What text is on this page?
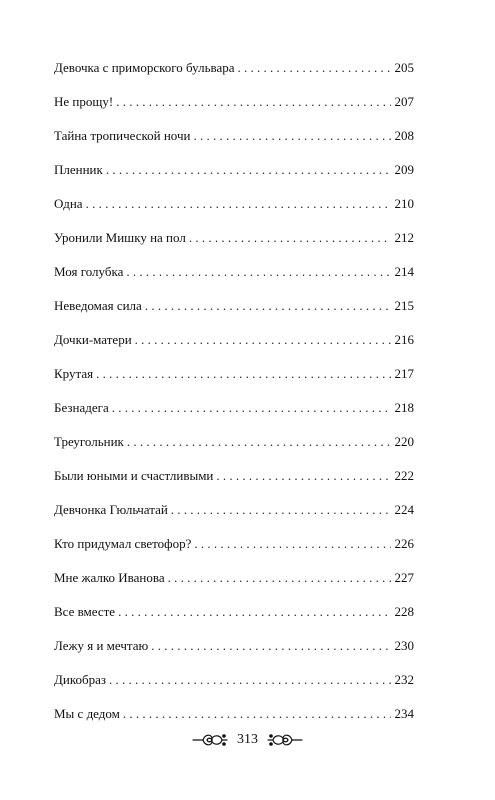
Девочка с приморского бульвара . . .	205
Не прощу! . . .	207
Тайна тропической ночи . . .	208
Пленник . . .	209
Одна . . .	210
Уронили Мишку на пол . . .	212
Моя голубка . . .	214
Неведомая сила . . .	215
Дочки-матери . . .	216
Крутая . . .	217
Безнадега . . .	218
Треугольник . . .	220
Были юными и счастливыми . . .	222
Девчонка Гюльчатай . . .	224
Кто придумал светофор? . . .	226
Мне жалко Иванова . . .	227
Все вместе . . .	228
Лежу я и мечтаю . . .	230
Дикобраз . . .	232
Мы с дедом . . .	234
313
